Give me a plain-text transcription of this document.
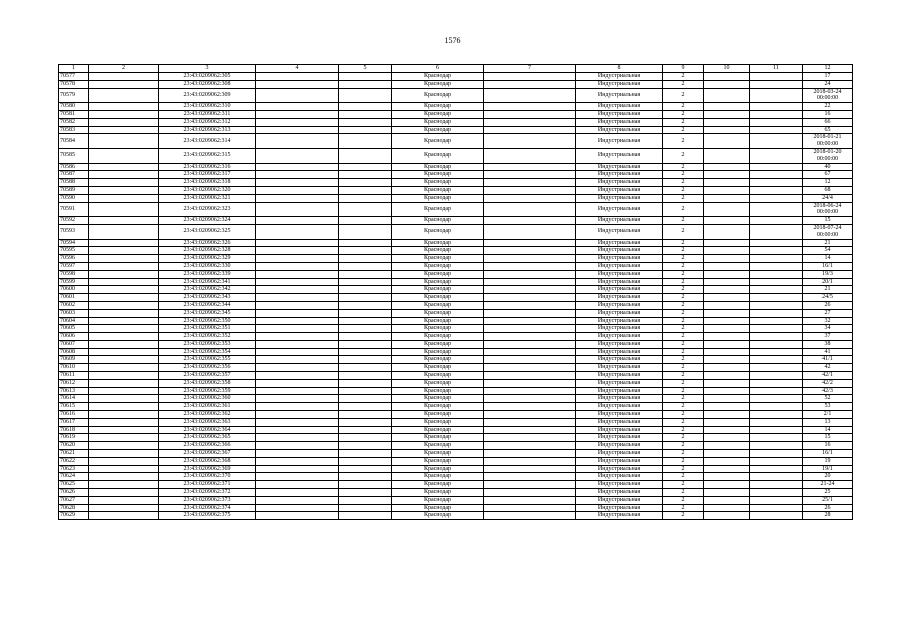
1576
1	2	3	4	5	6	7	8	9	10	11	12
70577		23:43:0209062:305			Краснодар		Индустриальная	2			17
70578		23:43:0209062:308			Краснодар		Индустриальная	2			24
70579		23:43:0209062:309			Краснодар		Индустриальная	2			2018-03-24 00:00:00
70580		23:43:0209062:310			Краснодар		Индустриальная	2			22
70581		23:43:0209062:311			Краснодар		Индустриальная	2			16
70582		23:43:0209062:312			Краснодар		Индустриальная	2			66
70583		23:43:0209062:313			Краснодар		Индустриальная	2			65
70584		23:43:0209062:314			Краснодар		Индустриальная	2			2018-01-21 00:00:00
70585		23:43:0209062:315			Краснодар		Индустриальная	2			2018-01-20 00:00:00
70586		23:43:0209062:316			Краснодар		Индустриальная	2			40
70587		23:43:0209062:317			Краснодар		Индустриальная	2			67
70588		23:43:0209062:318			Краснодар		Индустриальная	2			12
70589		23:43:0209062:320			Краснодар		Индустриальная	2			68
70590		23:43:0209062:321			Краснодар		Индустриальная	2			24/4
70591		23:43:0209062:323			Краснодар		Индустриальная	2			2018-06-24 00:00:00
70592		23:43:0209062:324			Краснодар		Индустриальная	2			15
70593		23:43:0209062:325			Краснодар		Индустриальная	2			2018-07-24 00:00:00
70594		23:43:0209062:326			Краснодар		Индустриальная	2			21
70595		23:43:0209062:328			Краснодар		Индустриальная	2			54
70596		23:43:0209062:329			Краснодар		Индустриальная	2			14
70597		23:43:0209062:330			Краснодар		Индустриальная	2			16/1
70598		23:43:0209062:339			Краснодар		Индустриальная	2			19/3
70599		23:43:0209062:341			Краснодар		Индустриальная	2			20/1
70600		23:43:0209062:342			Краснодар		Индустриальная	2			21
70601		23:43:0209062:343			Краснодар		Индустриальная	2			24/5
70602		23:43:0209062:344			Краснодар		Индустриальная	2			26
70603		23:43:0209062:345			Краснодар		Индустриальная	2			27
70604		23:43:0209062:350			Краснодар		Индустриальная	2			32
70605		23:43:0209062:351			Краснодар		Индустриальная	2			34
70606		23:43:0209062:352			Краснодар		Индустриальная	2			37
70607		23:43:0209062:353			Краснодар		Индустриальная	2			38
70608		23:43:0209062:354			Краснодар		Индустриальная	2			41
70609		23:43:0209062:355			Краснодар		Индустриальная	2			41/1
70610		23:43:0209062:356			Краснодар		Индустриальная	2			42
70611		23:43:0209062:357			Краснодар		Индустриальная	2			42/1
70612		23:43:0209062:358			Краснодар		Индустриальная	2			42/2
70613		23:43:0209062:359			Краснодар		Индустриальная	2			42/3
70614		23:43:0209062:360			Краснодар		Индустриальная	2			52
70615		23:43:0209062:361			Краснодар		Индустриальная	2			53
70616		23:43:0209062:362			Краснодар		Индустриальная	2			2/1
70617		23:43:0209062:363			Краснодар		Индустриальная	2			13
70618		23:43:0209062:364			Краснодар		Индустриальная	2			14
70619		23:43:0209062:365			Краснодар		Индустриальная	2			15
70620		23:43:0209062:366			Краснодар		Индустриальная	2			16
70621		23:43:0209062:367			Краснодар		Индустриальная	2			16/1
70622		23:43:0209062:368			Краснодар		Индустриальная	2			19
70623		23:43:0209062:369			Краснодар		Индустриальная	2			19/1
70624		23:43:0209062:370			Краснодар		Индустриальная	2			20
70625		23:43:0209062:371			Краснодар		Индустриальная	2			21-24
70626		23:43:0209062:372			Краснодар		Индустриальная	2			25
70627		23:43:0209062:373			Краснодар		Индустриальная	2			25/1
70628		23:43:0209062:374			Краснодар		Индустриальная	2			26
70629		23:43:0209062:375			Краснодар		Индустриальная	2			28
